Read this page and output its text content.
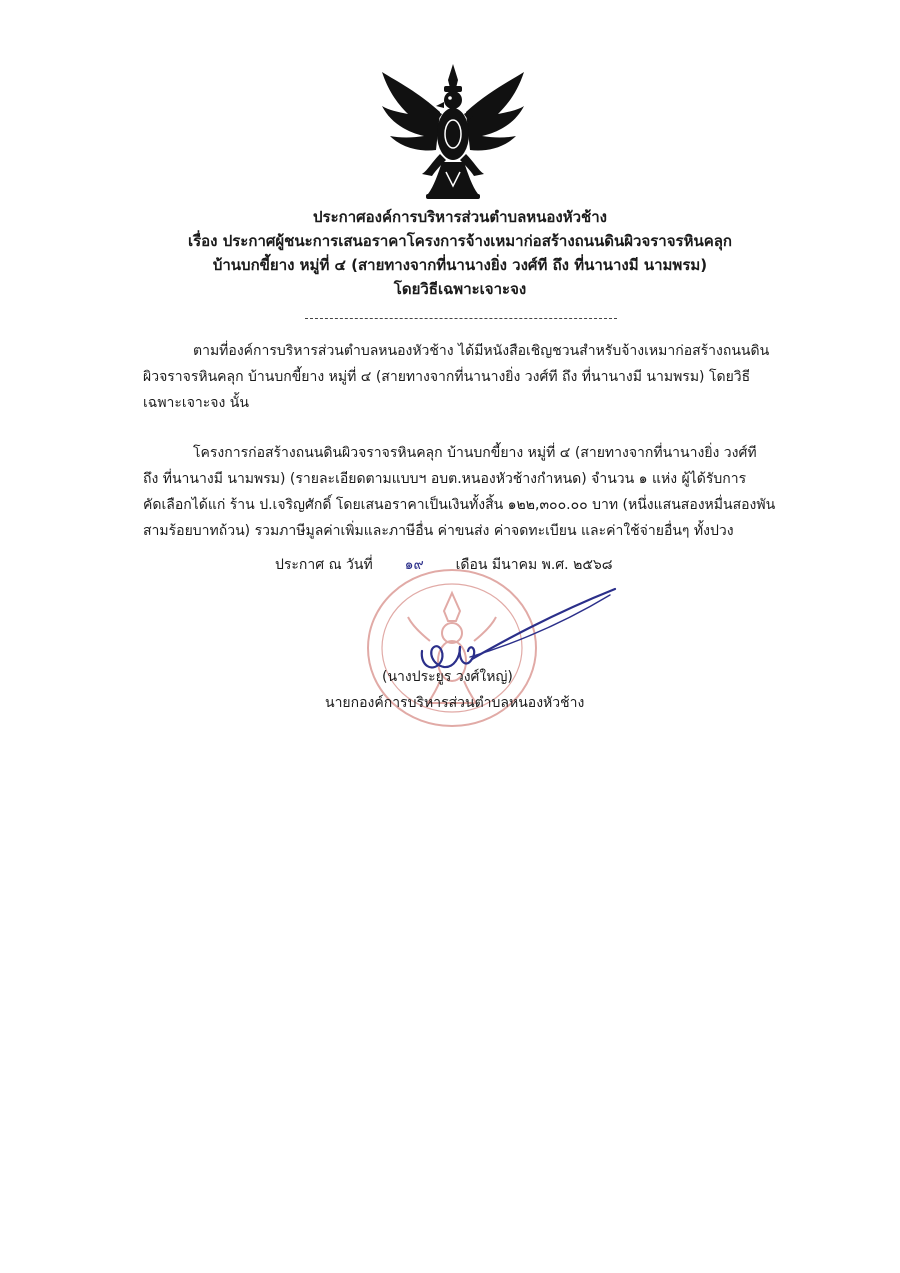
ประกาศองค์การบริหารส่วนตำบลหนองหัวช้าง
เรื่อง ประกาศผู้ชนะการเสนอราคาโครงการจ้างเหมาก่อสร้างถนนดินผิวจราจรหินคลุก
บ้านบกขี้ยาง หมู่ที่ ๔ (สายทางจากที่นานางยิ่ง วงศ์ที ถึง ที่นานางมี นามพรม)
โดยวิธีเฉพาะเจาะจง
ตามที่องค์การบริหารส่วนตำบลหนองหัวช้าง ได้มีหนังสือเชิญชวนสำหรับจ้างเหมาก่อสร้างถนนดิน
ผิวจราจรหินคลุก บ้านบกขี้ยาง หมู่ที่ ๔ (สายทางจากที่นานางยิ่ง วงศ์ที ถึง ที่นานางมี นามพรม) โดยวิธี
เฉพาะเจาะจง นั้น
โครงการก่อสร้างถนนดินผิวจราจรหินคลุก บ้านบกขี้ยาง หมู่ที่ ๔ (สายทางจากที่นานางยิ่ง วงศ์ที
ถึง ที่นานางมี นามพรม) (รายละเอียดตามแบบฯ อบต.หนองหัวช้างกำหนด) จำนวน ๑ แห่ง ผู้ได้รับการ
คัดเลือกได้แก่ ร้าน ป.เจริญศักดิ์ โดยเสนอราคาเป็นเงินทั้งสิ้น ๑๒๒,๓๐๐.๐๐ บาท (หนึ่งแสนสองหมื่นสองพัน
สามร้อยบาทถ้วน) รวมภาษีมูลค่าเพิ่มและภาษีอื่น ค่าขนส่ง ค่าจดทะเบียน และค่าใช้จ่ายอื่นๆ ทั้งปวง
ประกาศ ณ วันที่ ๑๙ เดือน มีนาคม พ.ศ. ๒๕๖๘
(นางประยูร วงศ์ใหญ่)
นายกองค์การบริหารส่วนตำบลหนองหัวช้าง
